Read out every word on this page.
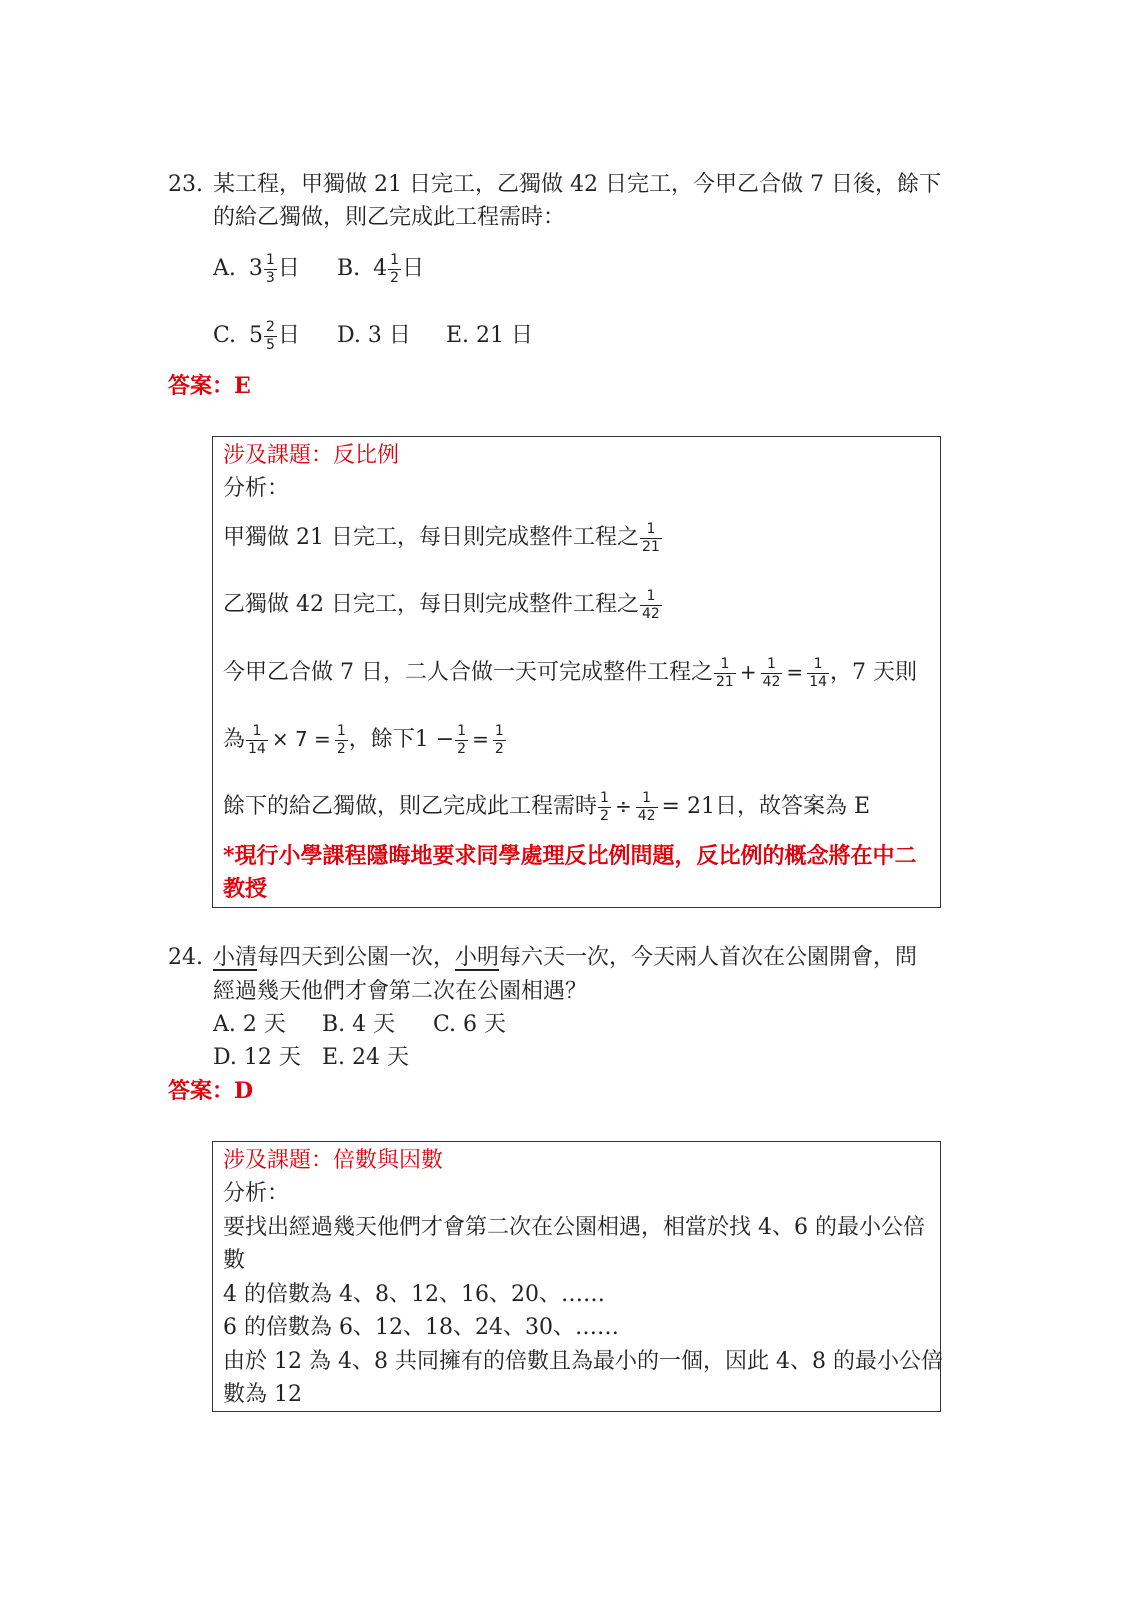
23. 某工程，甲獨做 21 日完工，乙獨做 42 日完工，今甲乙合做 7 日後，餘下
的給乙獨做，則乙完成此工程需時：
A. $3 \frac{1}{3}$ 日 B. $4 \frac{1}{2}$ 日
C. $5 \frac{2}{5}$ 日 D. 3 日 E. 21 日
答案：E
涉及課題：反比例
分析：
甲獨做 21 日完工，每日則完成整件工程之 $\frac{1}{21}$
乙獨做 42 日完工，每日則完成整件工程之 $\frac{1}{42}$
今甲乙合做 7 日，二人合做一天可完成整件工程之 $\frac{1}{21} + \frac{1}{42} = \frac{1}{14}$ ，7 天則
為 $\frac{1}{14} \times 7 = \frac{1}{2}$ ，餘下$1 - \frac{1}{2} = \frac{1}{2}$
餘下的給乙獨做，則乙完成此工程需時 $\frac{1}{2} \div \frac{1}{42} = 21$日，故答案為 E
*現行小學課程隱晦地要求同學處理反比例問題，反比例的概念將在中二
教授
24. 小清每四天到公園一次，小明每六天一次，今天兩人首次在公園開會，問
經過幾天他們才會第二次在公園相遇？
A. 2 天 B. 4 天 C. 6 天
D. 12 天 E. 24 天
答案：D
涉及課題：倍數與因數
分析：
要找出經過幾天他們才會第二次在公園相遇，相當於找 4、6 的最小公倍
數
4 的倍數為 4、8、12、16、20、……
6 的倍數為 6、12、18、24、30、……
由於 12 為 4、8 共同擁有的倍數且為最小的一個，因此 4、8 的最小公倍
數為 12
